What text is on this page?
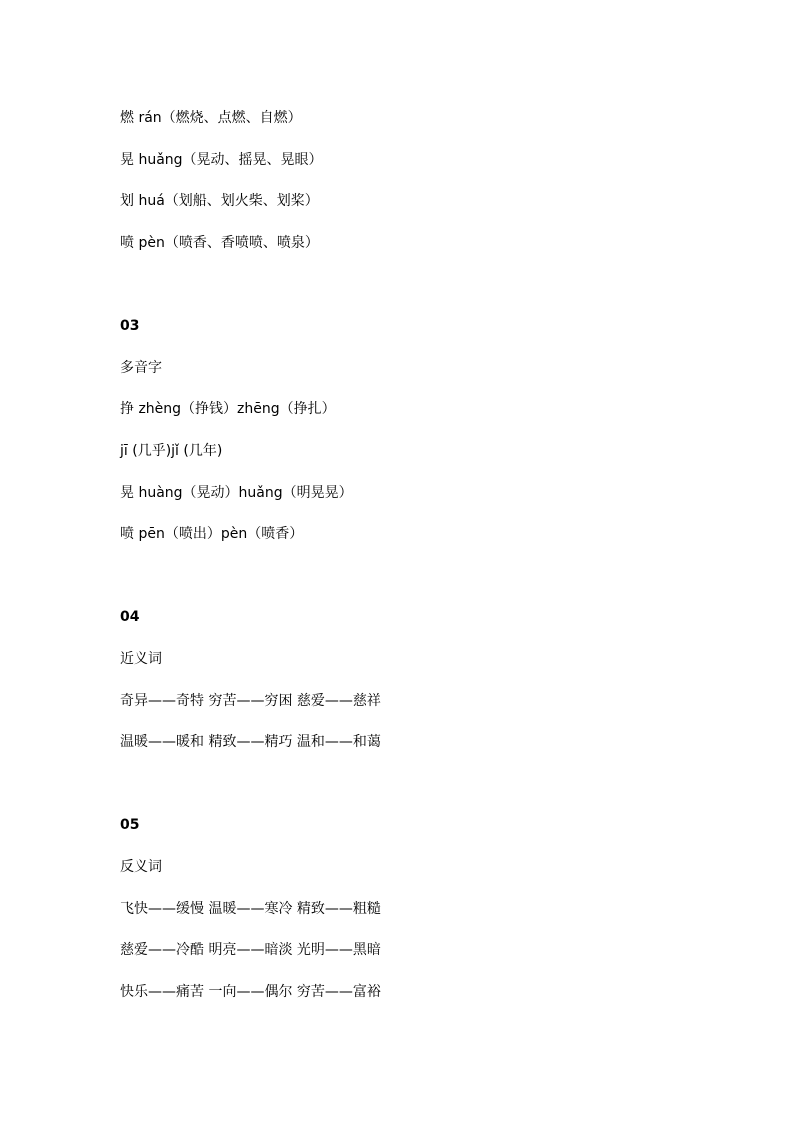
燃 rán（燃烧、点燃、自燃）
晃 huǎng（晃动、摇晃、晃眼）
划 huá（划船、划火柴、划桨）
喷 pèn（喷香、香喷喷、喷泉）
03
多音字
挣 zhèng（挣钱）zhēng（挣扎）
jī (几乎)jǐ (几年)
晃 huàng（晃动）huǎng（明晃晃）
喷 pēn（喷出）pèn（喷香）
04
近义词
奇异——奇特 穷苦——穷困 慈爱——慈祥
温暖——暖和 精致——精巧 温和——和蔼
05
反义词
飞快——缓慢 温暖——寒冷 精致——粗糙
慈爱——冷酷 明亮——暗淡 光明——黑暗
快乐——痛苦 一向——偶尔 穷苦——富裕
